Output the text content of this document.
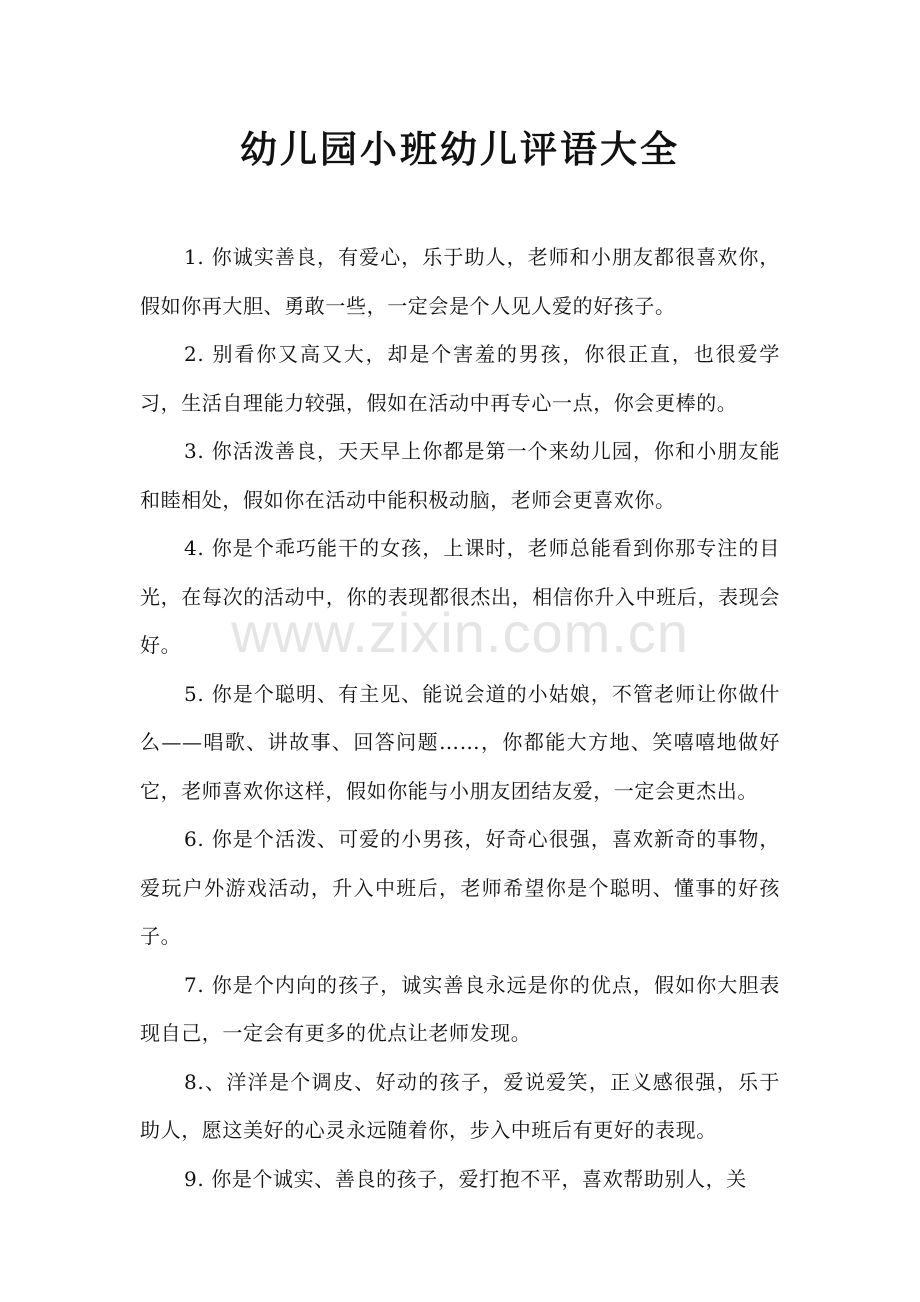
幼儿园小班幼儿评语大全

1. 你诚实善良，有爱心，乐于助人，老师和小朋友都很喜欢你，假如你再大胆、勇敢一些，一定会是个人见人爱的好孩子。

2. 别看你又高又大，却是个害羞的男孩，你很正直，也很爱学习，生活自理能力较强，假如在活动中再专心一点，你会更棒的。

3. 你活泼善良，天天早上你都是第一个来幼儿园，你和小朋友能和睦相处，假如你在活动中能积极动脑，老师会更喜欢你。

4. 你是个乖巧能干的女孩，上课时，老师总能看到你那专注的目光，在每次的活动中，你的表现都很杰出，相信你升入中班后，表现会好。

5. 你是个聪明、有主见、能说会道的小姑娘，不管老师让你做什么——唱歌、讲故事、回答问题……，你都能大方地、笑嘻嘻地做好它，老师喜欢你这样，假如你能与小朋友团结友爱，一定会更杰出。

6. 你是个活泼、可爱的小男孩，好奇心很强，喜欢新奇的事物，爱玩户外游戏活动，升入中班后，老师希望你是个聪明、懂事的好孩子。

7. 你是个内向的孩子，诚实善良永远是你的优点，假如你大胆表现自己，一定会有更多的优点让老师发现。

8.、洋洋是个调皮、好动的孩子，爱说爱笑，正义感很强，乐于助人，愿这美好的心灵永远随着你，步入中班后有更好的表现。

9. 你是个诚实、善良的孩子，爱打抱不平，喜欢帮助别人，关

www.zixin.com.cn
